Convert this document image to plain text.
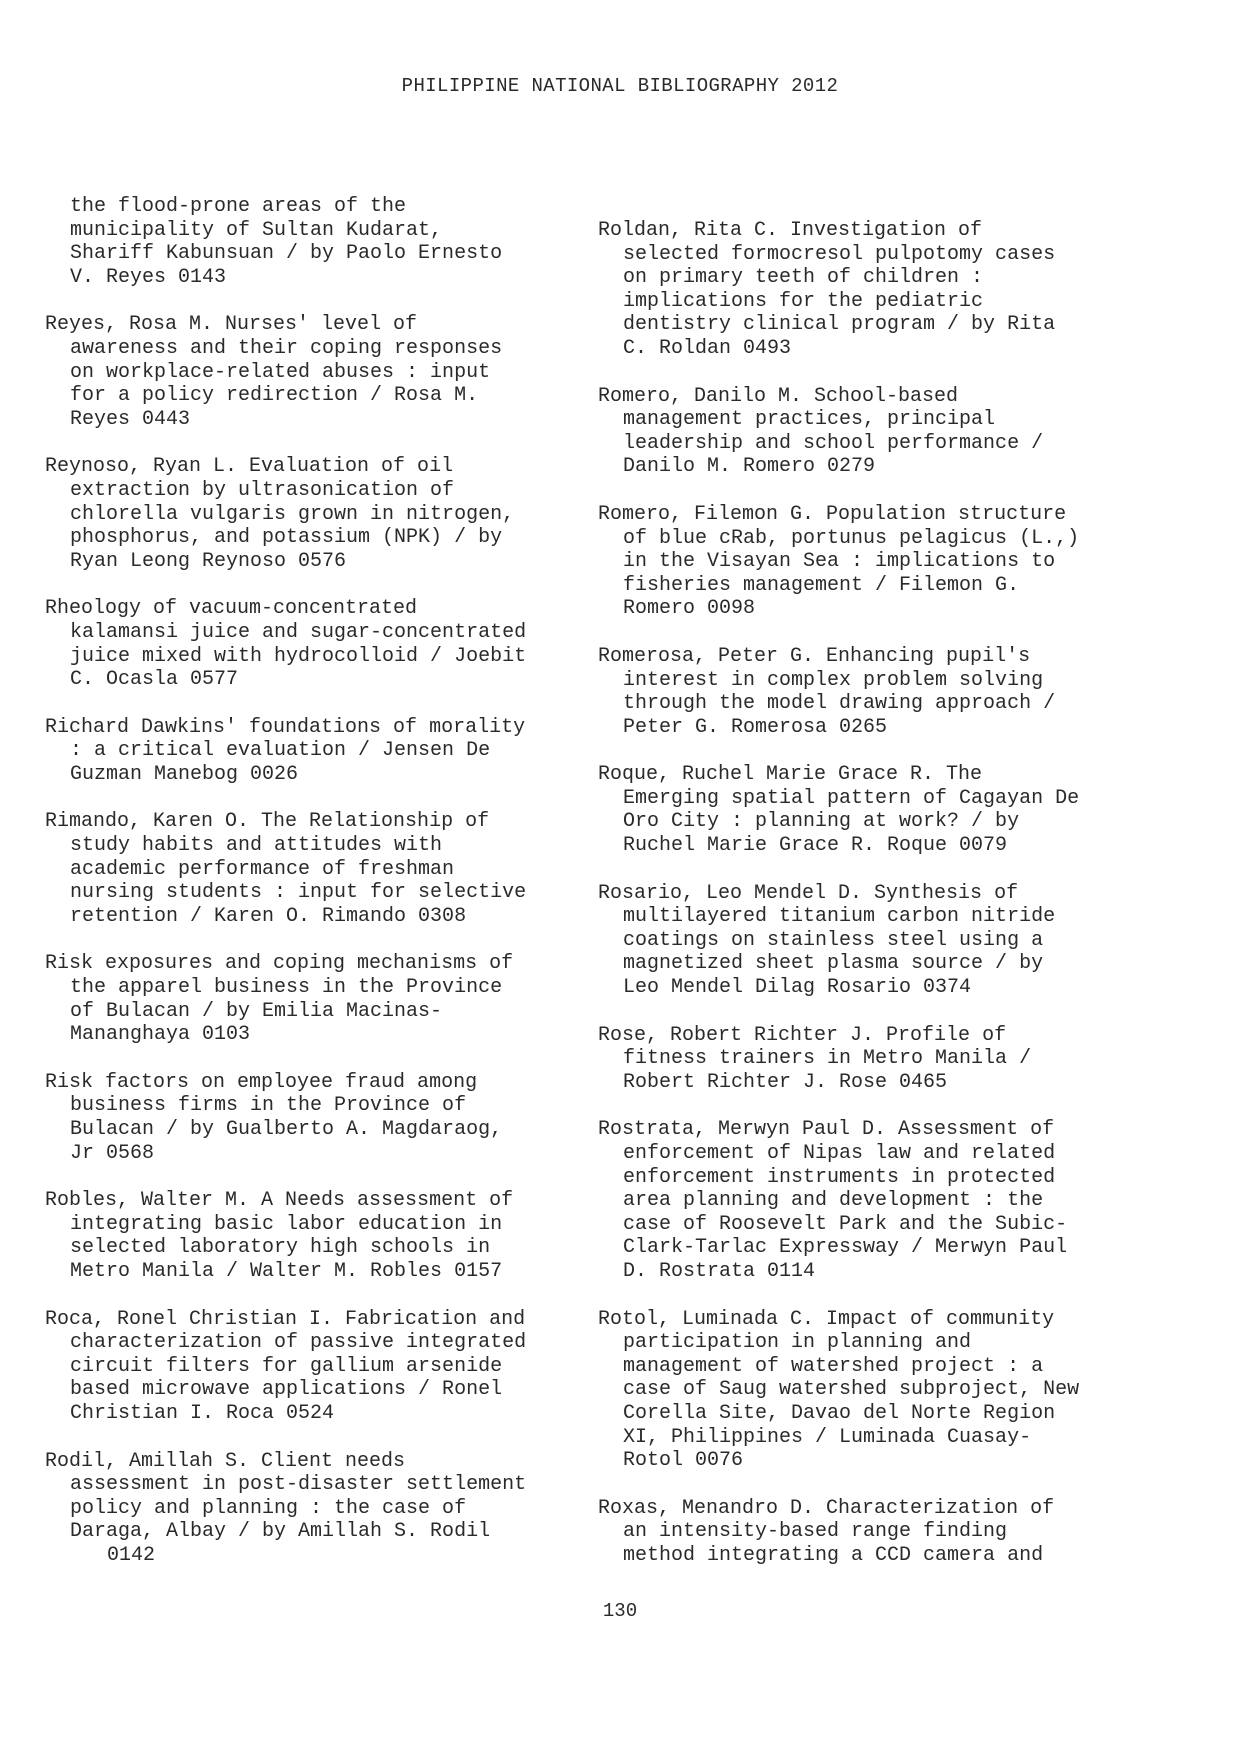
PHILIPPINE NATIONAL BIBLIOGRAPHY 2012
the flood-prone areas of the
municipality of Sultan Kudarat,
Shariff Kabunsuan / by Paolo Ernesto
V. Reyes 0143
Reyes, Rosa M. Nurses' level of
awareness and their coping responses
on workplace-related abuses : input
for a policy redirection / Rosa M.
Reyes 0443
Reynoso, Ryan L. Evaluation of oil
extraction by ultrasonication of
chlorella vulgaris grown in nitrogen,
phosphorus, and potassium (NPK) / by
Ryan Leong Reynoso 0576
Rheology of vacuum-concentrated
kalamansi juice and sugar-concentrated
juice mixed with hydrocolloid / Joebit
C. Ocasla 0577
Richard Dawkins' foundations of morality
: a critical evaluation / Jensen De
Guzman Manebog 0026
Rimando, Karen O. The Relationship of
study habits and attitudes with
academic performance of freshman
nursing students : input for selective
retention / Karen O. Rimando 0308
Risk exposures and coping mechanisms of
the apparel business in the Province
of Bulacan / by Emilia Macinas-
Mananghaya 0103
Risk factors on employee fraud among
business firms in the Province of
Bulacan / by Gualberto A. Magdaraog,
Jr 0568
Robles, Walter M. A Needs assessment of
integrating basic labor education in
selected laboratory high schools in
Metro Manila / Walter M. Robles 0157
Roca, Ronel Christian I. Fabrication and
characterization of passive integrated
circuit filters for gallium arsenide
based microwave applications / Ronel
Christian I. Roca 0524
Rodil, Amillah S. Client needs
assessment in post-disaster settlement
policy and planning : the case of
Daraga, Albay / by Amillah S. Rodil
0142
Roldan, Rita C. Investigation of
selected formocresol pulpotomy cases
on primary teeth of children :
implications for the pediatric
dentistry clinical program / by Rita
C. Roldan 0493
Romero, Danilo M. School-based
management practices, principal
leadership and school performance /
Danilo M. Romero 0279
Romero, Filemon G. Population structure
of blue cRab, portunus pelagicus (L.,)
in the Visayan Sea : implications to
fisheries management / Filemon G.
Romero 0098
Romerosa, Peter G. Enhancing pupil's
interest in complex problem solving
through the model drawing approach /
Peter G. Romerosa 0265
Roque, Ruchel Marie Grace R. The
Emerging spatial pattern of Cagayan De
Oro City : planning at work? / by
Ruchel Marie Grace R. Roque 0079
Rosario, Leo Mendel D. Synthesis of
multilayered titanium carbon nitride
coatings on stainless steel using a
magnetized sheet plasma source / by
Leo Mendel Dilag Rosario 0374
Rose, Robert Richter J. Profile of
fitness trainers in Metro Manila /
Robert Richter J. Rose 0465
Rostrata, Merwyn Paul D. Assessment of
enforcement of Nipas law and related
enforcement instruments in protected
area planning and development : the
case of Roosevelt Park and the Subic-
Clark-Tarlac Expressway / Merwyn Paul
D. Rostrata 0114
Rotol, Luminada C. Impact of community
participation in planning and
management of watershed project : a
case of Saug watershed subproject, New
Corella Site, Davao del Norte Region
XI, Philippines / Luminada Cuasay-
Rotol 0076
Roxas, Menandro D. Characterization of
an intensity-based range finding
method integrating a CCD camera and
130
